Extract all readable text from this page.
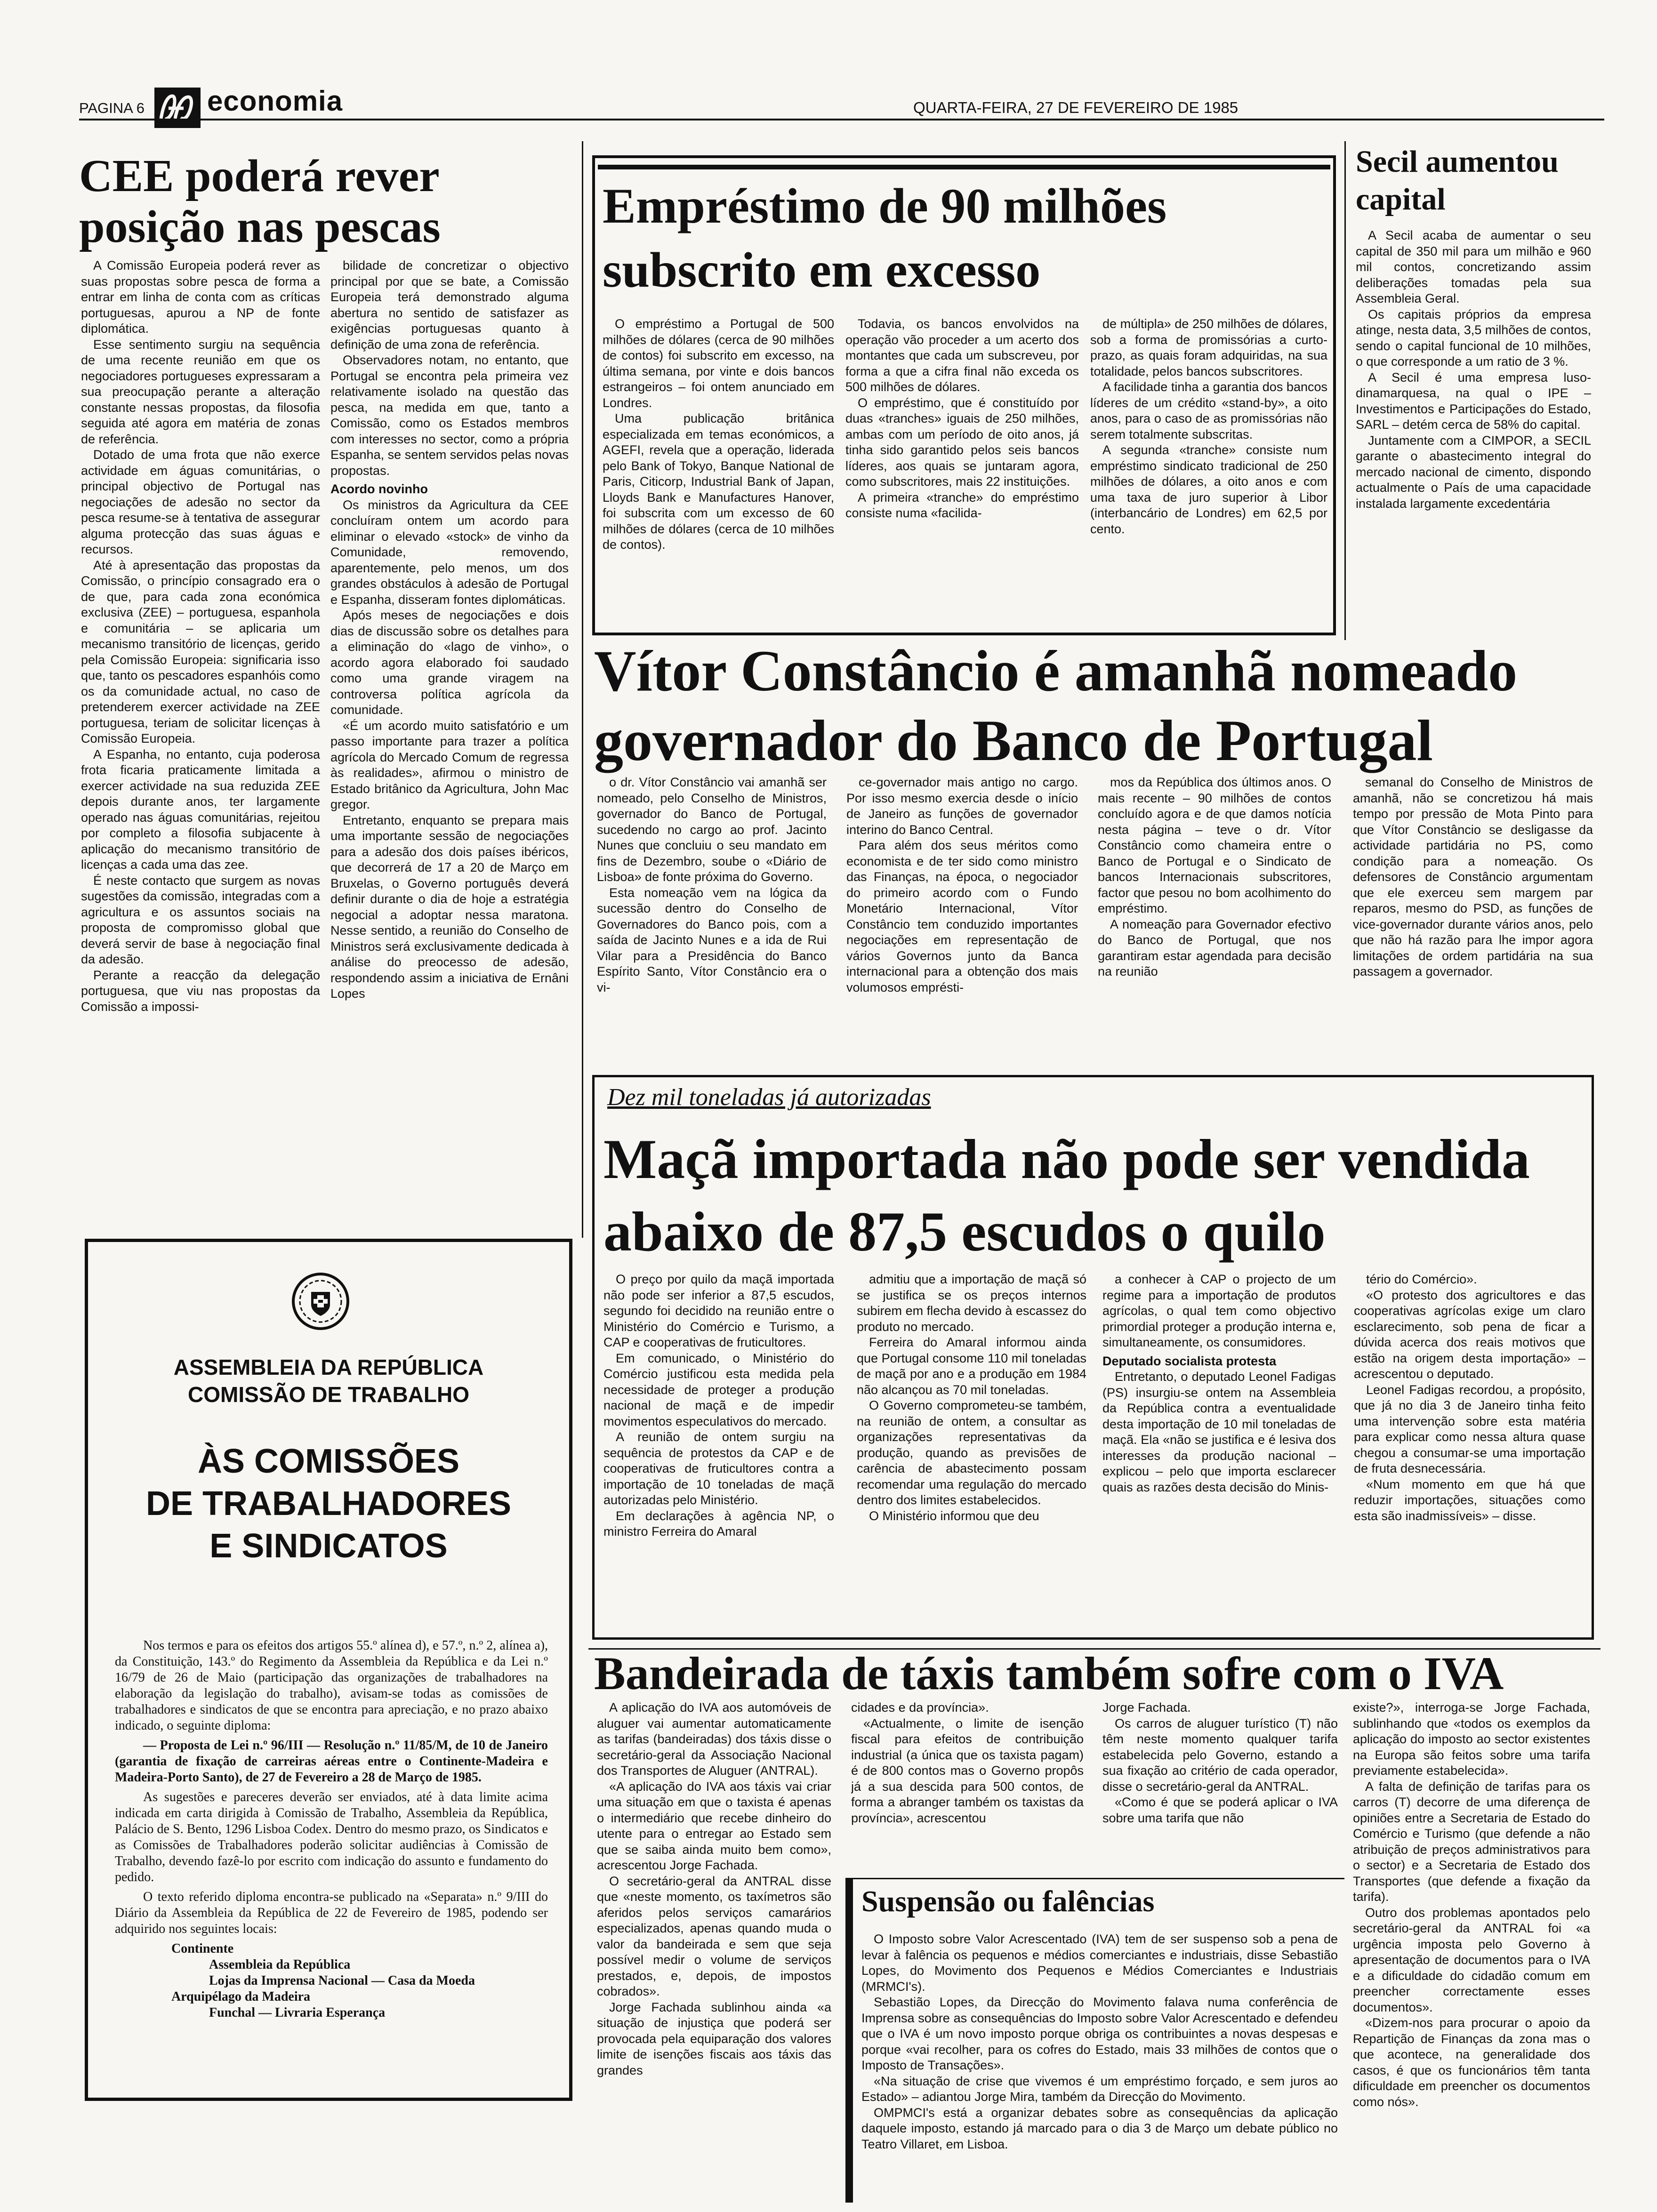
PAGINA 6 economia	QUARTA-FEIRA, 27 DE FEVEREIRO DE 1985
CEE poderá rever
posição nas pescas

A Comissão Europeia poderá rever as suas propostas sobre pesca de forma a entrar em linha de conta com as críticas portuguesas, apurou a NP de fonte diplomática.

Esse sentimento surgiu na sequência de uma recente reunião em que os negociadores portugueses expressaram a sua preocupação perante a alteração constante nessas propostas, da filosofia seguida até agora em matéria de zonas de referência.

Dotado de uma frota que não exerce actividade em águas comunitárias, o principal objectivo de Portugal nas negociações de adesão no sector da pesca resume-se à tentativa de assegurar alguma protecção das suas águas e recursos.

Até à apresentação das propostas da Comissão, o princípio consagrado era o de que, para cada zona económica exclusiva (ZEE) – portuguesa, espanhola e comunitária – se aplicaria um mecanismo transitório de licenças, gerido pela Comissão Europeia: significaria isso que, tanto os pescadores espanhóis como os da comunidade actual, no caso de pretenderem exercer actividade na ZEE portuguesa, teriam de solicitar licenças à Comissão Europeia.

A Espanha, no entanto, cuja poderosa frota ficaria praticamente limitada a exercer actividade na sua reduzida ZEE depois durante anos, ter largamente operado nas águas comunitárias, rejeitou por completo a filosofia subjacente à aplicação do mecanismo transitório de licenças a cada uma das zee.

É neste contacto que surgem as novas sugestões da comissão, integradas com a agricultura e os assuntos sociais na proposta de compromisso global que deverá servir de base à negociação final da adesão.

Perante a reacção da delegação portuguesa, que viu nas propostas da Comissão a impossi-

bilidade de concretizar o objectivo principal por que se bate, a Comissão Europeia terá demonstrado alguma abertura no sentido de satisfazer as exigências portuguesas quanto à definição de uma zona de referência.

Observadores notam, no entanto, que Portugal se encontra pela primeira vez relativamente isolado na questão das pesca, na medida em que, tanto a Comissão, como os Estados membros com interesses no sector, como a própria Espanha, se sentem servidos pelas novas propostas.

Acordo novinho

Os ministros da Agricultura da CEE concluíram ontem um acordo para eliminar o elevado «stock» de vinho da Comunidade, removendo, aparentemente, pelo menos, um dos grandes obstáculos à adesão de Portugal e Espanha, disseram fontes diplomáticas.

Após meses de negociações e dois dias de discussão sobre os detalhes para a eliminação do «lago de vinho», o acordo agora elaborado foi saudado como uma grande viragem na controversa política agrícola da comunidade.

«É um acordo muito satisfatório e um passo importante para trazer a política agrícola do Mercado Comum de regressa às realidades», afirmou o ministro de Estado britânico da Agricultura, John Mac gregor.

Entretanto, enquanto se prepara mais uma importante sessão de negociações para a adesão dos dois países ibéricos, que decorrerá de 17 a 20 de Março em Bruxelas, o Governo português deverá definir durante o dia de hoje a estratégia negocial a adoptar nessa maratona. Nesse sentido, a reunião do Conselho de Ministros será exclusivamente dedicada à análise do preocesso de adesão, respondendo assim a iniciativa de Ernâni Lopes

Empréstimo de 90 milhões
subscrito em excesso

O empréstimo a Portugal de 500 milhões de dólares (cerca de 90 milhões de contos) foi subscrito em excesso, na última semana, por vinte e dois bancos estrangeiros – foi ontem anunciado em Londres.

Uma publicação britânica especializada em temas económicos, a AGEFI, revela que a operação, liderada pelo Bank of Tokyo, Banque National de Paris, Citicorp, Industrial Bank of Japan, Lloyds Bank e Manufactures Hanover, foi subscrita com um excesso de 60 milhões de dólares (cerca de 10 milhões de contos).

Todavia, os bancos envolvidos na operação vão proceder a um acerto dos montantes que cada um subscreveu, por forma a que a cifra final não exceda os 500 milhões de dólares.

O empréstimo, que é constituído por duas «tranches» iguais de 250 milhões, ambas com um período de oito anos, já tinha sido garantido pelos seis bancos líderes, aos quais se juntaram agora, como subscritores, mais 22 instituições.

A primeira «tranche» do empréstimo consiste numa «facilida-

de múltipla» de 250 milhões de dólares, sob a forma de promissórias a curto-prazo, as quais foram adquiridas, na sua totalidade, pelos bancos subscritores.

A facilidade tinha a garantia dos bancos líderes de um crédito «stand-by», a oito anos, para o caso de as promissórias não serem totalmente subscritas.

A segunda «tranche» consiste num empréstimo sindicato tradicional de 250 milhões de dólares, a oito anos e com uma taxa de juro superior à Libor (interbancário de Londres) em 62,5 por cento.

Secil aumentou
capital

A Secil acaba de aumentar o seu capital de 350 mil para um milhão e 960 mil contos, concretizando assim deliberações tomadas pela sua Assembleia Geral.

Os capitais próprios da empresa atinge, nesta data, 3,5 milhões de contos, sendo o capital funcional de 10 milhões, o que corresponde a um ratio de 3 %.

A Secil é uma empresa luso-dinamarquesa, na qual o IPE – Investimentos e Participações do Estado, SARL – detém cerca de 58% do capital.

Juntamente com a CIMPOR, a SECIL garante o abastecimento integral do mercado nacional de cimento, dispondo actualmente o País de uma capacidade instalada largamente excedentária

Vítor Constâncio é amanhã nomeado
governador do Banco de Portugal

o dr. Vítor Constâncio vai amanhã ser nomeado, pelo Conselho de Ministros, governador do Banco de Portugal, sucedendo no cargo ao prof. Jacinto Nunes que concluiu o seu mandato em fins de Dezembro, soube o «Diário de Lisboa» de fonte próxima do Governo.

Esta nomeação vem na lógica da sucessão dentro do Conselho de Governadores do Banco pois, com a saída de Jacinto Nunes e a ida de Rui Vilar para a Presidência do Banco Espírito Santo, Vítor Constâncio era o vi-

ce-governador mais antigo no cargo. Por isso mesmo exercia desde o início de Janeiro as funções de governador interino do Banco Central.

Para além dos seus méritos como economista e de ter sido como ministro das Finanças, na época, o negociador do primeiro acordo com o Fundo Monetário Internacional, Vítor Constâncio tem conduzido importantes negociações em representação de vários Governos junto da Banca internacional para a obtenção dos mais volumosos emprésti-

mos da República dos últimos anos. O mais recente – 90 milhões de contos concluído agora e de que damos notícia nesta página – teve o dr. Vítor Constâncio como chameira entre o Banco de Portugal e o Sindicato de bancos Internacionais subscritores, factor que pesou no bom acolhimento do empréstimo.

A nomeação para Governador efectivo do Banco de Portugal, que nos garantiram estar agendada para decisão na reunião

semanal do Conselho de Ministros de amanhã, não se concretizou há mais tempo por pressão de Mota Pinto para que Vítor Constâncio se desligasse da actividade partidária no PS, como condição para a nomeação. Os defensores de Constâncio argumentam que ele exerceu sem margem par reparos, mesmo do PSD, as funções de vice-governador durante vários anos, pelo que não há razão para lhe impor agora limitações de ordem partidária na sua passagem a governador.

Dez mil toneladas já autorizadas
Maçã importada não pode ser vendida
abaixo de 87,5 escudos o quilo

O preço por quilo da maçã importada não pode ser inferior a 87,5 escudos, segundo foi decidido na reunião entre o Ministério do Comércio e Turismo, a CAP e cooperativas de fruticultores.

Em comunicado, o Ministério do Comércio justificou esta medida pela necessidade de proteger a produção nacional de maçã e de impedir movimentos especulativos do mercado.

A reunião de ontem surgiu na sequência de protestos da CAP e de cooperativas de fruticultores contra a importação de 10 toneladas de maçã autorizadas pelo Ministério.

Em declarações à agência NP, o ministro Ferreira do Amaral

admitiu que a importação de maçã só se justifica se os preços internos subirem em flecha devido à escassez do produto no mercado.

Ferreira do Amaral informou ainda que Portugal consome 110 mil toneladas de maçã por ano e a produção em 1984 não alcançou as 70 mil toneladas.

O Governo comprometeu-se também, na reunião de ontem, a consultar as organizações representativas da produção, quando as previsões de carência de abastecimento possam recomendar uma regulação do mercado dentro dos limites estabelecidos.

O Ministério informou que deu

a conhecer à CAP o projecto de um regime para a importação de produtos agrícolas, o qual tem como objectivo primordial proteger a produção interna e, simultaneamente, os consumidores.

Deputado socialista protesta

Entretanto, o deputado Leonel Fadigas (PS) insurgiu-se ontem na Assembleia da República contra a eventualidade desta importação de 10 mil toneladas de maçã. Ela «não se justifica e é lesiva dos interesses da produção nacional – explicou – pelo que importa esclarecer quais as razões desta decisão do Minis-

tério do Comércio».

«O protesto dos agricultores e das cooperativas agrícolas exige um claro esclarecimento, sob pena de ficar a dúvida acerca dos reais motivos que estão na origem desta importação» – acrescentou o deputado.

Leonel Fadigas recordou, a propósito, que já no dia 3 de Janeiro tinha feito uma intervenção sobre esta matéria para explicar como nessa altura quase chegou a consumar-se uma importação de fruta desnecessária.

«Num momento em que há que reduzir importações, situações como esta são inadmissíveis» – disse.

ASSEMBLEIA DA REPÚBLICA
COMISSÃO DE TRABALHO
ÀS COMISSÕES
DE TRABALHADORES
E SINDICATOS

Nos termos e para os efeitos dos artigos 55.º alínea d), e 57.º, n.º 2, alínea a), da Constituição, 143.º do Regimento da Assembleia da República e da Lei n.º 16/79 de 26 de Maio (participação das organizações de trabalhadores na elaboração da legislação do trabalho), avisam-se todas as comissões de trabalhadores e sindicatos de que se encontra para apreciação, e no prazo abaixo indicado, o seguinte diploma:

— Proposta de Lei n.º 96/III — Resolução n.º 11/85/M, de 10 de Janeiro (garantia de fixação de carreiras aéreas entre o Continente-Madeira e Madeira-Porto Santo), de 27 de Fevereiro a 28 de Março de 1985.

As sugestões e pareceres deverão ser enviados, até à data limite acima indicada em carta dirigida à Comissão de Trabalho, Assembleia da República, Palácio de S. Bento, 1296 Lisboa Codex. Dentro do mesmo prazo, os Sindicatos e as Comissões de Trabalhadores poderão solicitar audiências à Comissão de Trabalho, devendo fazê-lo por escrito com indicação do assunto e fundamento do pedido.

O texto referido diploma encontra-se publicado na «Separata» n.º 9/III do Diário da Assembleia da República de 22 de Fevereiro de 1985, podendo ser adquirido nos seguintes locais:

Continente
Assembleia da República
Lojas da Imprensa Nacional — Casa da Moeda
Arquipélago da Madeira
Funchal — Livraria Esperança
Bandeirada de táxis também sofre com o IVA

A aplicação do IVA aos automóveis de aluguer vai aumentar automaticamente as tarifas (bandeiradas) dos táxis disse o secretário-geral da Associação Nacional dos Transportes de Aluguer (ANTRAL).

«A aplicação do IVA aos táxis vai criar uma situação em que o taxista é apenas o intermediário que recebe dinheiro do utente para o entregar ao Estado sem que se saiba ainda muito bem como», acrescentou Jorge Fachada.

O secretário-geral da ANTRAL disse que «neste momento, os taxímetros são aferidos pelos serviços camarários especializados, apenas quando muda o valor da bandeirada e sem que seja possível medir o volume de serviços prestados, e, depois, de impostos cobrados».

Jorge Fachada sublinhou ainda «a situação de injustiça que poderá ser provocada pela equiparação dos valores limite de isenções fiscais aos táxis das grandes

cidades e da província».

«Actualmente, o limite de isenção fiscal para efeitos de contribuição industrial (a única que os taxista pagam) é de 800 contos mas o Governo propôs já a sua descida para 500 contos, de forma a abranger também os taxistas da província», acrescentou

Jorge Fachada.

Os carros de aluguer turístico (T) não têm neste momento qualquer tarifa estabelecida pelo Governo, estando a sua fixação ao critério de cada operador, disse o secretário-geral da ANTRAL.

«Como é que se poderá aplicar o IVA sobre uma tarifa que não

existe?», interroga-se Jorge Fachada, sublinhando que «todos os exemplos da aplicação do imposto ao sector existentes na Europa são feitos sobre uma tarifa previamente estabelecida».

A falta de definição de tarifas para os carros (T) decorre de uma diferença de opiniões entre a Secretaria de Estado do Comércio e Turismo (que defende a não atribuição de preços administrativos para o sector) e a Secretaria de Estado dos Transportes (que defende a fixação da tarifa).

Outro dos problemas apontados pelo secretário-geral da ANTRAL foi «a urgência imposta pelo Governo à apresentação de documentos para o IVA e a dificuldade do cidadão comum em preencher correctamente esses documentos».

«Dizem-nos para procurar o apoio da Repartição de Finanças da zona mas o que acontece, na generalidade dos casos, é que os funcionários têm tanta dificuldade em preencher os documentos como nós».

Suspensão ou falências

O Imposto sobre Valor Acrescentado (IVA) tem de ser suspenso sob a pena de levar à falência os pequenos e médios comerciantes e industriais, disse Sebastião Lopes, do Movimento dos Pequenos e Médios Comerciantes e Industriais (MRMCI's).

Sebastião Lopes, da Direcção do Movimento falava numa conferência de Imprensa sobre as consequências do Imposto sobre Valor Acrescentado e defendeu que o IVA é um novo imposto porque obriga os contribuintes a novas despesas e porque «vai recolher, para os cofres do Estado, mais 33 milhões de contos que o Imposto de Transações».

«Na situação de crise que vivemos é um empréstimo forçado, e sem juros ao Estado» – adiantou Jorge Mira, também da Direcção do Movimento.

OMPMCI's está a organizar debates sobre as consequências da aplicação daquele imposto, estando já marcado para o dia 3 de Março um debate público no Teatro Villaret, em Lisboa.
